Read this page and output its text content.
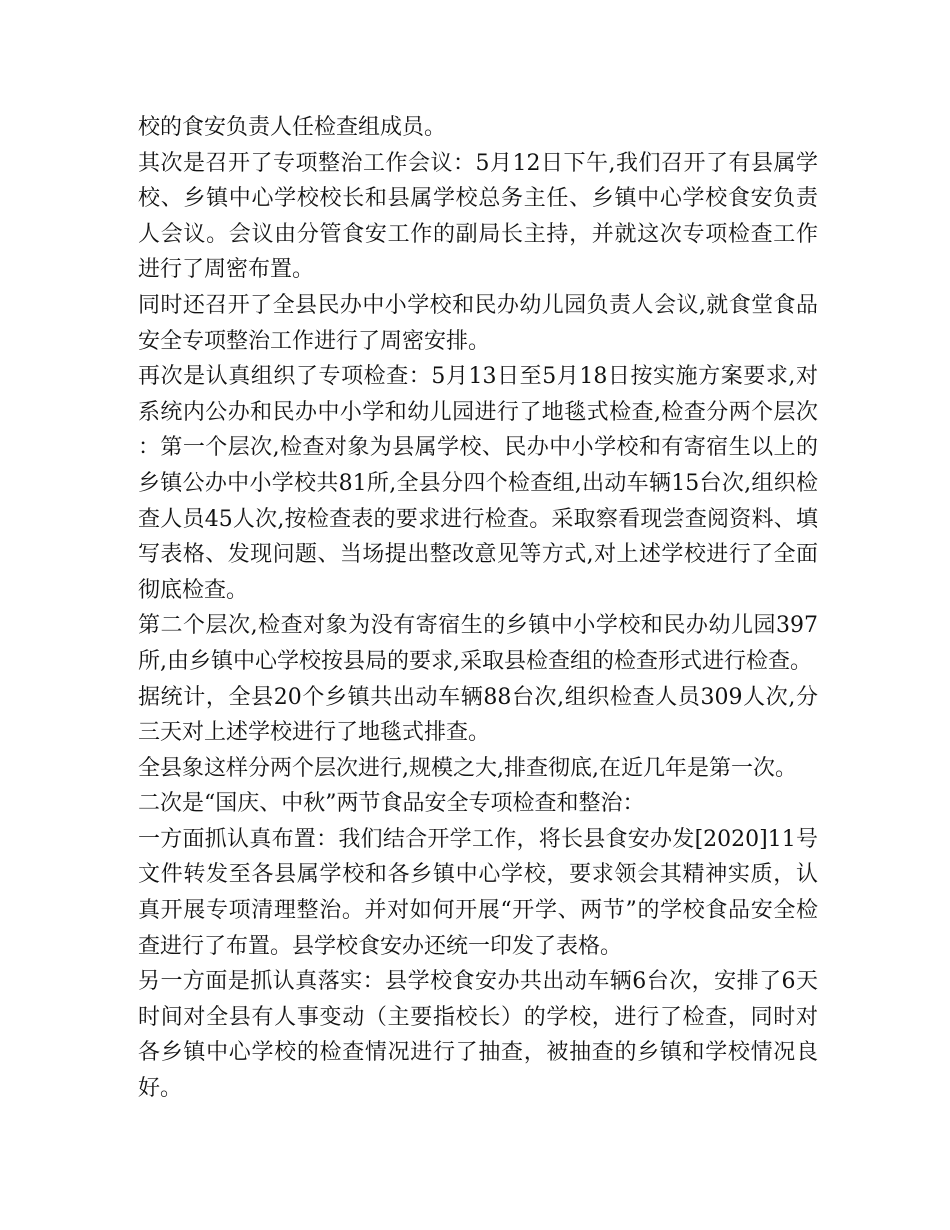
校的食安负责人任检查组成员。

其次是召开了专项整治工作会议：5月12日下午,我们召开了有县属学校、乡镇中心学校校长和县属学校总务主任、乡镇中心学校食安负责人会议。会议由分管食安工作的副局长主持，并就这次专项检查工作进行了周密布置。

同时还召开了全县民办中小学校和民办幼儿园负责人会议,就食堂食品安全专项整治工作进行了周密安排。

再次是认真组织了专项检查：5月13日至5月18日按实施方案要求,对系统内公办和民办中小学和幼儿园进行了地毯式检查,检查分两个层次：第一个层次,检查对象为县属学校、民办中小学校和有寄宿生以上的乡镇公办中小学校共81所,全县分四个检查组,出动车辆15台次,组织检查人员45人次,按检查表的要求进行检查。采取察看现尝查阅资料、填写表格、发现问题、当场提出整改意见等方式,对上述学校进行了全面彻底检查。

第二个层次,检查对象为没有寄宿生的乡镇中小学校和民办幼儿园397所,由乡镇中心学校按县局的要求,采取县检查组的检查形式进行检查。

据统计，全县20个乡镇共出动车辆88台次,组织检查人员309人次,分三天对上述学校进行了地毯式排查。

全县象这样分两个层次进行,规模之大,排查彻底,在近几年是第一次。

二次是“国庆、中秋”两节食品安全专项检查和整治：

一方面抓认真布置：我们结合开学工作，将长县食安办发[2020]11号文件转发至各县属学校和各乡镇中心学校，要求领会其精神实质，认真开展专项清理整治。并对如何开展“开学、两节”的学校食品安全检查进行了布置。县学校食安办还统一印发了表格。

另一方面是抓认真落实：县学校食安办共出动车辆6台次，安排了6天时间对全县有人事变动（主要指校长）的学校，进行了检查，同时对各乡镇中心学校的检查情况进行了抽查，被抽查的乡镇和学校情况良好。
